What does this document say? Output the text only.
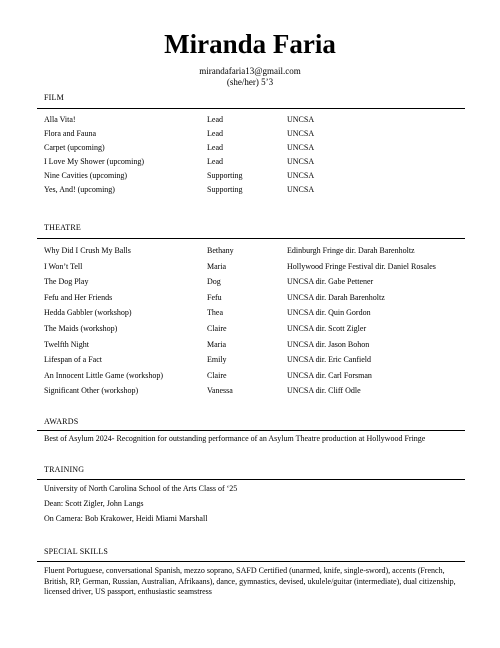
Miranda Faria
mirandafaria13@gmail.com
(she/her) 5’3
FILM
Alla Vita!	Lead	UNCSA
Flora and Fauna	Lead	UNCSA
Carpet (upcoming)	Lead	UNCSA
I Love My Shower (upcoming)	Lead	UNCSA
Nine Cavities (upcoming)	Supporting	UNCSA
Yes, And! (upcoming)	Supporting	UNCSA
THEATRE
Why Did I Crush My Balls	Bethany	Edinburgh Fringe dir. Darah Barenholtz
I Won’t Tell	Maria	Hollywood Fringe Festival dir. Daniel Rosales
The Dog Play	Dog	UNCSA dir. Gabe Pettener
Fefu and Her Friends	Fefu	UNCSA dir. Darah Barenholtz
Hedda Gabbler (workshop)	Thea	UNCSA dir. Quin Gordon
The Maids (workshop)	Claire	UNCSA dir. Scott Zigler
Twelfth Night	Maria	UNCSA dir. Jason Bohon
Lifespan of a Fact	Emily	UNCSA dir. Eric Canfield
An Innocent Little Game (workshop)	Claire	UNCSA dir. Carl Forsman
Significant Other (workshop)	Vanessa	UNCSA dir. Cliff Odle
AWARDS
Best of Asylum 2024- Recognition for outstanding performance of an Asylum Theatre production at Hollywood Fringe
TRAINING
University of North Carolina School of the Arts Class of ‘25
Dean: Scott Zigler, John Langs
On Camera: Bob Krakower, Heidi Miami Marshall
SPECIAL SKILLS
Fluent Portuguese, conversational Spanish, mezzo soprano, SAFD Certified (unarmed, knife, single-sword), accents (French, British, RP, German, Russian, Australian, Afrikaans), dance, gymnastics, devised, ukulele/guitar (intermediate), dual citizenship, licensed driver, US passport, enthusiastic seamstress
